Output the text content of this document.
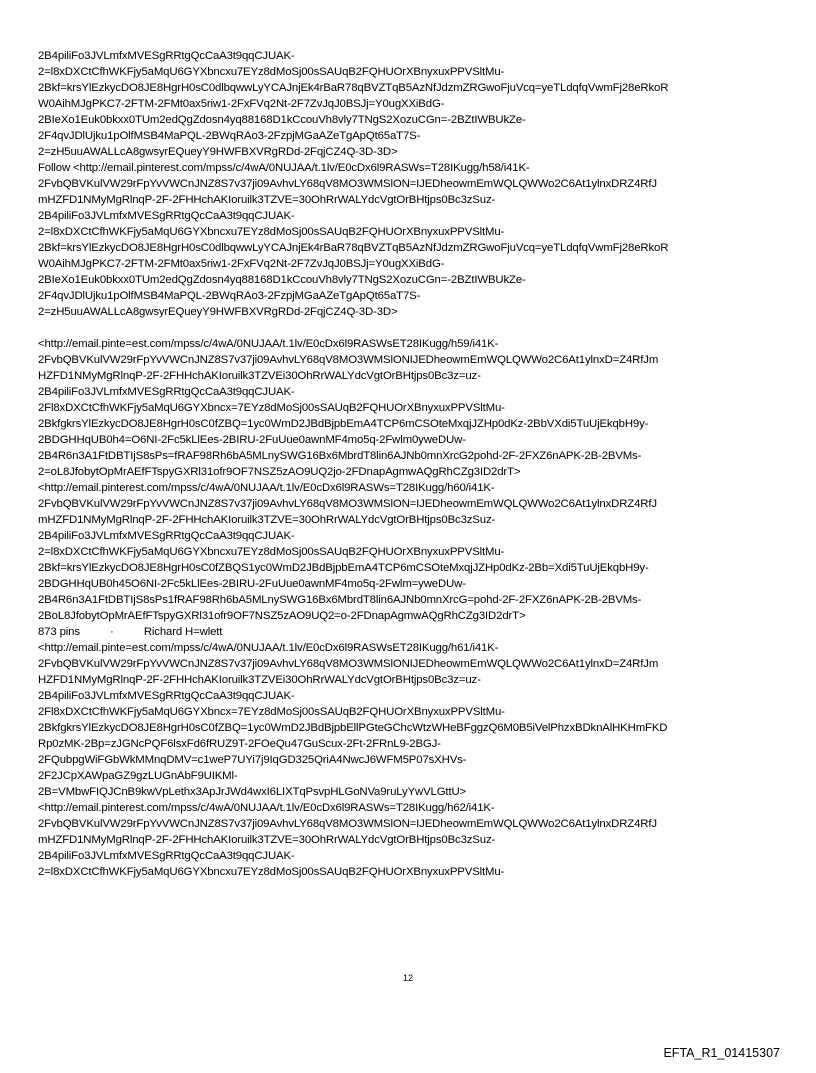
2B4piliFo3JVLmfxMVESgRRtgQcCaA3t9qqCJUAK-
2=l8xDXCtCfhWKFjy5aMqU6GYXbncxu7EYz8dMoSj00sSAUqB2FQHUOrXBnyxuxPPVSltMu-
2Bkf=krsYlEzkycDO8JE8HgrH0sC0dlbqwwLyYCAJnjEk4rBaR78qBVZTqB5AzNfJdzmZRGwoFjuVcq=yeTLdqfqVwmFj28eRkoR
W0AihMJgPKC7-2FTM-2FMt0ax5riw1-2FxFVq2Nt-2F7ZvJqJ0BSJj=Y0ugXXiBdG-
2BIeXo1Euk0bkxx0TUm2edQgZdosn4yq88168D1kCcouVh8vly7TNgS2XozuCGn=-2BZtIWBUkZe-
2F4qvJDlUjku1pOlfMSB4MaPQL-2BWqRAo3-2FzpjMGaAZeTgApQt65aT7S-
2=zH5uuAWALLcA8gwsyrEQueyY9HWFBXVRgRDd-2FqjCZ4Q-3D-3D>
Follow <http://email.pinterest.com/mpss/c/4wA/0NUJAA/t.1lv/E0cDx6l9RASWs=T28IKugg/h58/i41K-
2FvbQBVKulVW29rFpYvVWCnJNZ8S7v37ji09AvhvLY68qV8MO3WMSlON=IJEDheowmEmWQLQWWo2C6At1ylnxDRZ4RfJ
mHZFD1NMyMgRlnqP-2F-2FHHchAKIoruilk3TZVE=30OhRrWALYdcVgtOrBHtjps0Bc3zSuz-
2B4piliFo3JVLmfxMVESgRRtgQcCaA3t9qqCJUAK-
2=l8xDXCtCfhWKFjy5aMqU6GYXbncxu7EYz8dMoSj00sSAUqB2FQHUOrXBnyxuxPPVSltMu-
2Bkf=krsYlEzkycDO8JE8HgrH0sC0dlbqwwLyYCAJnjEk4rBaR78qBVZTqB5AzNfJdzmZRGwoFjuVcq=yeTLdqfqVwmFj28eRkoR
W0AihMJgPKC7-2FTM-2FMt0ax5riw1-2FxFVq2Nt-2F7ZvJqJ0BSJj=Y0ugXXiBdG-
2BIeXo1Euk0bkxx0TUm2edQgZdosn4yq88168D1kCcouVh8vly7TNgS2XozuCGn=-2BZtIWBUkZe-
2F4qvJDlUjku1pOlfMSB4MaPQL-2BWqRAo3-2FzpjMGaAZeTgApQt65aT7S-
2=zH5uuAWALLcA8gwsyrEQueyY9HWFBXVRgRDd-2FqjCZ4Q-3D-3D>
<http://email.pinte=est.com/mpss/c/4wA/0NUJAA/t.1lv/E0cDx6l9RASWsET28IKugg/h59/i41K-
2FvbQBVKulVW29rFpYvVWCnJNZ8S7v37ji09AvhvLY68qV8MO3WMSlONIJEDheowmEmWQLQWWo2C6At1ylnxD=Z4RfJm
HZFD1NMyMgRlnqP-2F-2FHHchAKIoruilk3TZVEi30OhRrWALYdcVgtOrBHtjps0Bc3z=uz-
2B4piliFo3JVLmfxMVESgRRtgQcCaA3t9qqCJUAK-
2Fl8xDXCtCfhWKFjy5aMqU6GYXbncx=7EYz8dMoSj00sSAUqB2FQHUOrXBnyxuxPPVSltMu-
2BkfgkrsYlEzkycDO8JE8HgrH0sC0fZBQ=1yc0WmD2JBdBjpbEmA4TCP6mCSOteMxqjJZHp0dKz-2BbVXdi5TuUjEkqbH9y-
2BDGHHqUB0h4=O6NI-2Fc5kLlEes-2BIRU-2FuUue0awnMF4mo5q-2Fwlm0yweDUw-
2B4R6n3A1FtDBTIjS8sPs=fRAF98Rh6bA5MLnySWG16Bx6MbrdT8lin6AJNb0mnXrcG2pohd-2F-2FXZ6nAPK-2B-2BVMs-
2=oL8JfobytOpMrAEfFTspyGXRl31ofr9OF7NSZ5zAO9UQ2jo-2FDnapAgmwAQgRhCZg3ID2drT>
<http://email.pinterest.com/mpss/c/4wA/0NUJAA/t.1lv/E0cDx6l9RASWs=T28IKugg/h60/i41K-
2FvbQBVKulVW29rFpYvVWCnJNZ8S7v37ji09AvhvLY68qV8MO3WMSlON=IJEDheowmEmWQLQWWo2C6At1ylnxDRZ4RfJ
mHZFD1NMyMgRlnqP-2F-2FHHchAKIoruilk3TZVE=30OhRrWALYdcVgtOrBHtjps0Bc3zSuz-
2B4piliFo3JVLmfxMVESgRRtgQcCaA3t9qqCJUAK-
2=l8xDXCtCfhWKFjy5aMqU6GYXbncxu7EYz8dMoSj00sSAUqB2FQHUOrXBnyxuxPPVSltMu-
2Bkf=krsYlEzkycDO8JE8HgrH0sC0fZBQS1yc0WmD2JBdBjpbEmA4TCP6mCSOteMxqjJZHp0dKz-2Bb=Xdi5TuUjEkqbH9y-
2BDGHHqUB0h45O6NI-2Fc5kLlEes-2BIRU-2FuUue0awnMF4mo5q-2Fwlm=yweDUw-
2B4R6n3A1FtDBTIjS8sPs1fRAF98Rh6bA5MLnySWG16Bx6MbrdT8lin6AJNb0mnXrcG=pohd-2F-2FXZ6nAPK-2B-2BVMs-
2BoL8JfobytOpMrAEfFTspyGXRl31ofr9OF7NSZ5zAO9UQ2=o-2FDnapAgmwAQgRhCZg3ID2drT>
873 pins	·	Richard H=wlett
<http://email.pinte=est.com/mpss/c/4wA/0NUJAA/t.1lv/E0cDx6l9RASWsET28IKugg/h61/i41K-
2FvbQBVKulVW29rFpYvVWCnJNZ8S7v37ji09AvhvLY68qV8MO3WMSlONIJEDheowmEmWQLQWWo2C6At1ylnxD=Z4RfJm
HZFD1NMyMgRlnqP-2F-2FHHchAKIoruilk3TZVEi30OhRrWALYdcVgtOrBHtjps0Bc3z=uz-
2B4piliFo3JVLmfxMVESgRRtgQcCaA3t9qqCJUAK-
2Fl8xDXCtCfhWKFjy5aMqU6GYXbncx=7EYz8dMoSj00sSAUqB2FQHUOrXBnyxuxPPVSltMu-
2BkfgkrsYlEzkycDO8JE8HgrH0sC0fZBQ=1yc0WmD2JBdBjpbEllPGteGChcWtzWHeBFggzQ6M0B5iVelPhzxBDknAlHKHmFKD
Rp0zMK-2Bp=zJGNcPQF6lsxFd6fRUZ9T-2FOeQu47GuScux-2Ft-2FRnL9-2BGJ-
2FQubpgWiFGbWkMMnqDMV=c1weP7UYi7j9IqGD325QriA4NwcJ6WFM5P07sXHVs-
2F2JCpXAWpaGZ9gzLUGnAbF9UIKMl-
2B=VMbwFIQJCnB9kwVpLethx3ApJrJWd4wxI6LIXTqPsvpHLGoNVa9ruLyYwVLGttU>
<http://email.pinterest.com/mpss/c/4wA/0NUJAA/t.1lv/E0cDx6l9RASWs=T28IKugg/h62/i41K-
2FvbQBVKulVW29rFpYvVWCnJNZ8S7v37ji09AvhvLY68qV8MO3WMSlON=IJEDheowmEmWQLQWWo2C6At1ylnxDRZ4RfJ
mHZFD1NMyMgRlnqP-2F-2FHHchAKIoruilk3TZVE=30OhRrWALYdcVgtOrBHtjps0Bc3zSuz-
2B4piliFo3JVLmfxMVESgRRtgQcCaA3t9qqCJUAK-
2=l8xDXCtCfhWKFjy5aMqU6GYXbncxu7EYz8dMoSj00sSAUqB2FQHUOrXBnyxuxPPVSltMu-
12
EFTA_R1_01415307
